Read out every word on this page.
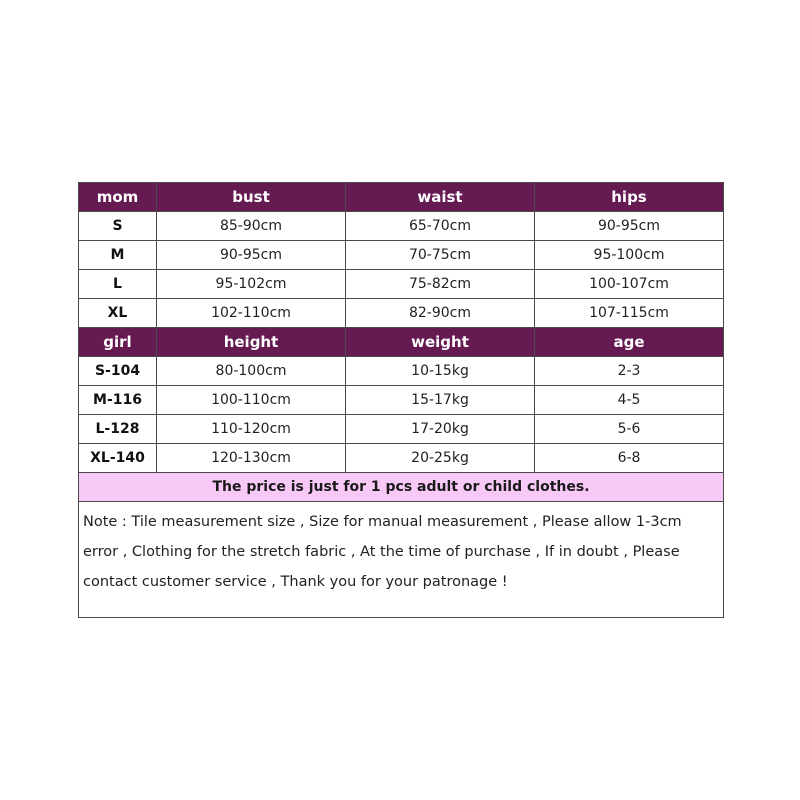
mom	bust	waist	hips
S	85-90cm	65-70cm	90-95cm
M	90-95cm	70-75cm	95-100cm
L	95-102cm	75-82cm	100-107cm
XL	102-110cm	82-90cm	107-115cm
girl	height	weight	age
S-104	80-100cm	10-15kg	2-3
M-116	100-110cm	15-17kg	4-5
L-128	110-120cm	17-20kg	5-6
XL-140	120-130cm	20-25kg	6-8
The price is just for 1 pcs adult or child clothes.			
Note : Tile measurement size , Size for manual measurement , Please allow 1-3cm error , Clothing for the stretch fabric , At the time of purchase , If in doubt , Please contact customer service , Thank you for your patronage !			
